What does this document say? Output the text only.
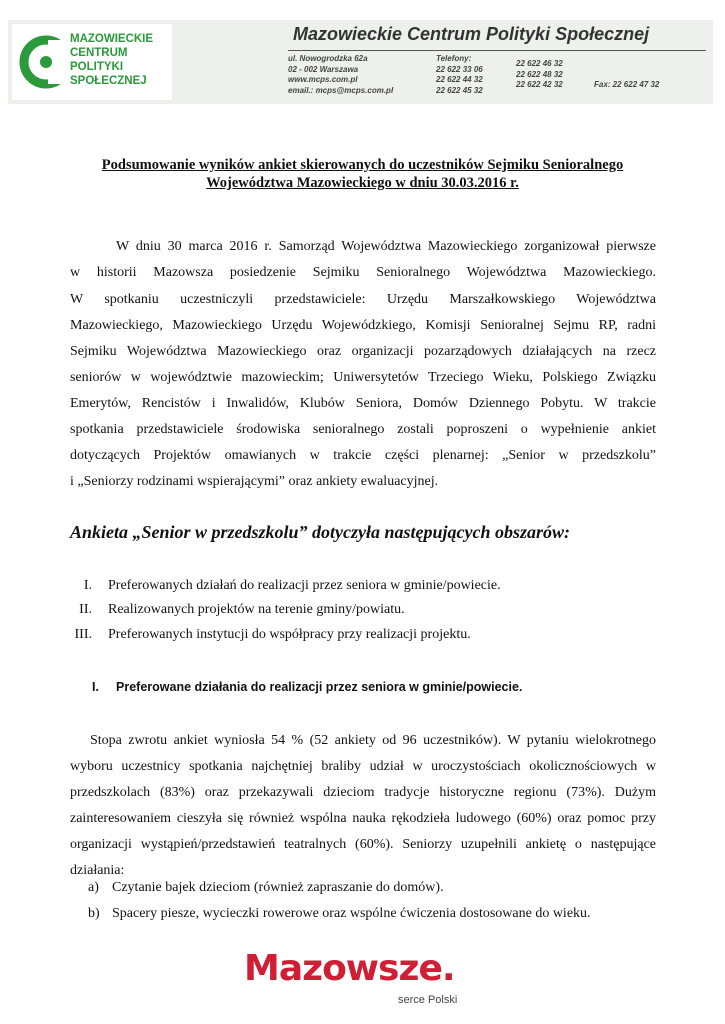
MAZOWIECKIE
CENTRUM
POLITYKI
SPOŁECZNEJ
Mazowieckie Centrum Polityki Społecznej
ul. Nowogrodzka 62a
02 - 002 Warszawa
www.mcps.com.pl
email.: mcps@mcps.com.pl
Telefony:
22 622 33 06
22 622 44 32
22 622 45 32
22 622 46 32
22 622 48 32
22 622 42 32	Fax: 22 622 47 32
Podsumowanie wyników ankiet skierowanych do uczestników Sejmiku Senioralnego
Województwa Mazowieckiego w dniu 30.03.2016 r.

W dniu 30 marca 2016 r. Samorząd Województwa Mazowieckiego zorganizował pierwsze

w historii Mazowsza posiedzenie Sejmiku Senioralnego Województwa Mazowieckiego.

W spotkaniu uczestniczyli przedstawiciele: Urzędu Marszałkowskiego Województwa

Mazowieckiego, Mazowieckiego Urzędu Wojewódzkiego, Komisji Senioralnej Sejmu RP, radni

Sejmiku Województwa Mazowieckiego oraz organizacji pozarządowych działających na rzecz

seniorów w województwie mazowieckim; Uniwersytetów Trzeciego Wieku, Polskiego Związku

Emerytów, Rencistów i Inwalidów, Klubów Seniora, Domów Dziennego Pobytu. W trakcie

spotkania przedstawiciele środowiska senioralnego zostali poproszeni o wypełnienie ankiet

dotyczących Projektów omawianych w trakcie części plenarnej: „Senior w przedszkolu”

i „Seniorzy rodzinami wspierającymi” oraz ankiety ewaluacyjnej.

Ankieta „Senior w przedszkolu” dotyczyła następujących obszarów:
I. Preferowanych działań do realizacji przez seniora w gminie/powiecie.
II. Realizowanych projektów na terenie gminy/powiatu.
III. Preferowanych instytucji do współpracy przy realizacji projektu.
I. Preferowane działania do realizacji przez seniora w gminie/powiecie.

Stopa zwrotu ankiet wyniosła 54 % (52 ankiety od 96 uczestników). W pytaniu wielokrotnego

wyboru uczestnicy spotkania najchętniej braliby udział w uroczystościach okolicznościowych w

przedszkolach (83%) oraz przekazywali dzieciom tradycje historyczne regionu (73%). Dużym

zainteresowaniem cieszyła się również wspólna nauka rękodzieła ludowego (60%) oraz pomoc przy

organizacji wystąpień/przedstawień teatralnych (60%). Seniorzy uzupełnili ankietę o następujące

działania:

a) Czytanie bajek dzieciom (również zapraszanie do domów).
b) Spacery piesze, wycieczki rowerowe oraz wspólne ćwiczenia dostosowane do wieku.
Mazowsze.
serce Polski
